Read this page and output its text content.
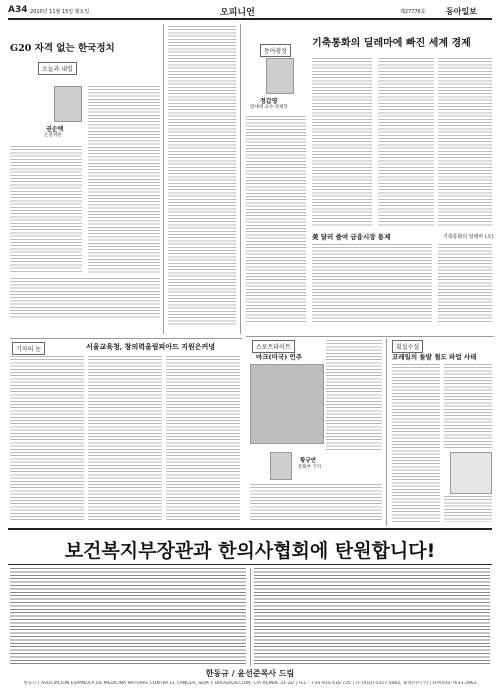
A34 2010년 11월 15일 월요일	오피니언	제27776호	동아일보
G20 자격 없는 한국정치
오늘과 내일
권순택
논설위원
동아광장
정갑영
연세대 교수·경제학
기축통화의 딜레마에 빠진 세계 경제
美 달러 줄여 금융시장 통제	기축통화의 딜레마 (오)
스포트라이트
마크(미국) 언주
황규연
문화부 기자
횡설수설
코레일의 돌발 철도 파업 사태
기자의 눈	서울교육청, 창의력올림피아드 지원은커녕
보건복지부장관과 한의사협회에 탄원합니다!
한동규 / 윤선준목사 드림
한동규 | ASOCIACION ESPANOLA DE MEDICINA NATURAL CONTRA EL CANCER, SIDA Y DROGADICCION, C/A REINAL 21-2D | TEL : +34-915-416-725 | TF:(010)-5357-5483, 휴대폰(미국) | H.P(010-7633-2963
